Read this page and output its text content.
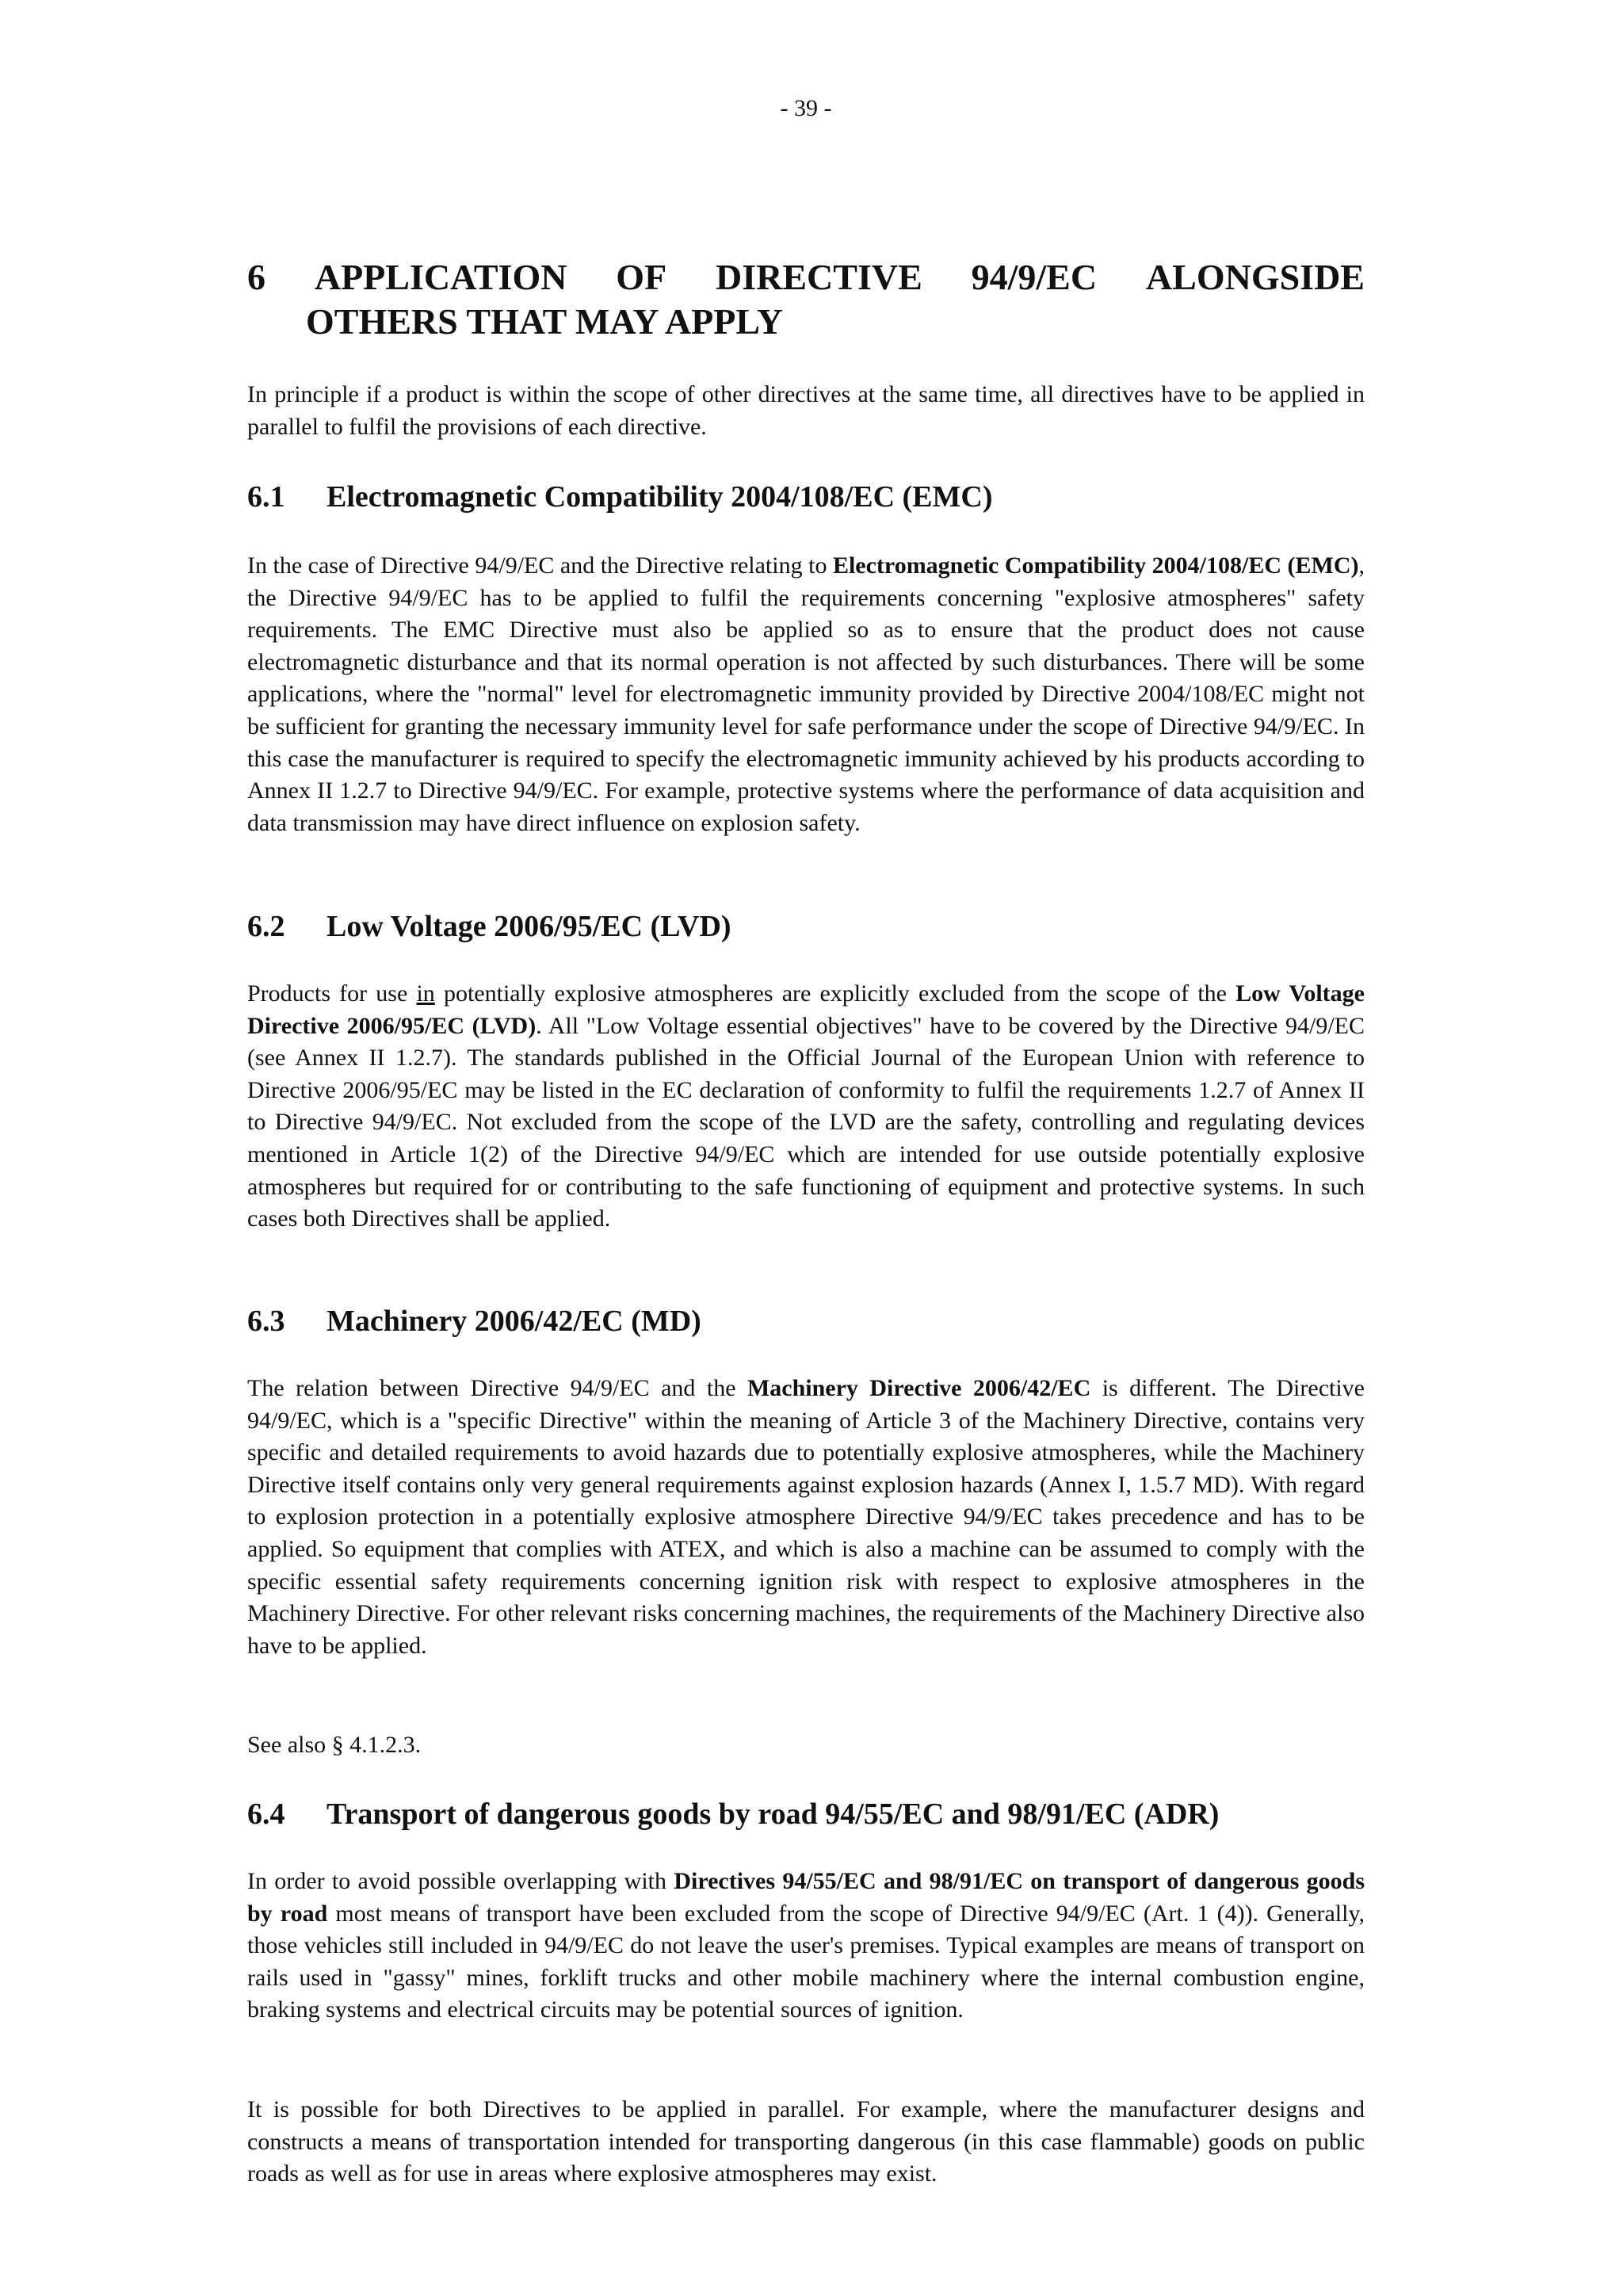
- 39 -
6 APPLICATION OF DIRECTIVE 94/9/EC ALONGSIDE
OTHERS THAT MAY APPLY

In principle if a product is within the scope of other directives at the same time, all directives have to be applied in parallel to fulfil the provisions of each directive.

6.1 Electromagnetic Compatibility 2004/108/EC (EMC)

In the case of Directive 94/9/EC and the Directive relating to Electromagnetic Compatibility 2004/108/EC (EMC), the Directive 94/9/EC has to be applied to fulfil the requirements concerning "explosive atmospheres" safety requirements. The EMC Directive must also be applied so as to ensure that the product does not cause electromagnetic disturbance and that its normal operation is not affected by such disturbances. There will be some applications, where the "normal" level for electromagnetic immunity provided by Directive 2004/108/EC might not be sufficient for granting the necessary immunity level for safe performance under the scope of Directive 94/9/EC. In this case the manufacturer is required to specify the electromagnetic immunity achieved by his products according to Annex II 1.2.7 to Directive 94/9/EC. For example, protective systems where the performance of data acquisition and data transmission may have direct influence on explosion safety.

6.2 Low Voltage 2006/95/EC (LVD)

Products for use in potentially explosive atmospheres are explicitly excluded from the scope of the Low Voltage Directive 2006/95/EC (LVD). All "Low Voltage essential objectives" have to be covered by the Directive 94/9/EC (see Annex II 1.2.7). The standards published in the Official Journal of the European Union with reference to Directive 2006/95/EC may be listed in the EC declaration of conformity to fulfil the requirements 1.2.7 of Annex II to Directive 94/9/EC. Not excluded from the scope of the LVD are the safety, controlling and regulating devices mentioned in Article 1(2) of the Directive 94/9/EC which are intended for use outside potentially explosive atmospheres but required for or contributing to the safe functioning of equipment and protective systems. In such cases both Directives shall be applied.

6.3 Machinery 2006/42/EC (MD)

The relation between Directive 94/9/EC and the Machinery Directive 2006/42/EC is different. The Directive 94/9/EC, which is a "specific Directive" within the meaning of Article 3 of the Machinery Directive, contains very specific and detailed requirements to avoid hazards due to potentially explosive atmospheres, while the Machinery Directive itself contains only very general requirements against explosion hazards (Annex I, 1.5.7 MD). With regard to explosion protection in a potentially explosive atmosphere Directive 94/9/EC takes precedence and has to be applied. So equipment that complies with ATEX, and which is also a machine can be assumed to comply with the specific essential safety requirements concerning ignition risk with respect to explosive atmospheres in the Machinery Directive. For other relevant risks concerning machines, the requirements of the Machinery Directive also have to be applied.

See also § 4.1.2.3.

6.4 Transport of dangerous goods by road 94/55/EC and 98/91/EC (ADR)

In order to avoid possible overlapping with Directives 94/55/EC and 98/91/EC on transport of dangerous goods by road most means of transport have been excluded from the scope of Directive 94/9/EC (Art. 1 (4)). Generally, those vehicles still included in 94/9/EC do not leave the user's premises. Typical examples are means of transport on rails used in "gassy" mines, forklift trucks and other mobile machinery where the internal combustion engine, braking systems and electrical circuits may be potential sources of ignition.

It is possible for both Directives to be applied in parallel. For example, where the manufacturer designs and constructs a means of transportation intended for transporting dangerous (in this case flammable) goods on public roads as well as for use in areas where explosive atmospheres may exist.
